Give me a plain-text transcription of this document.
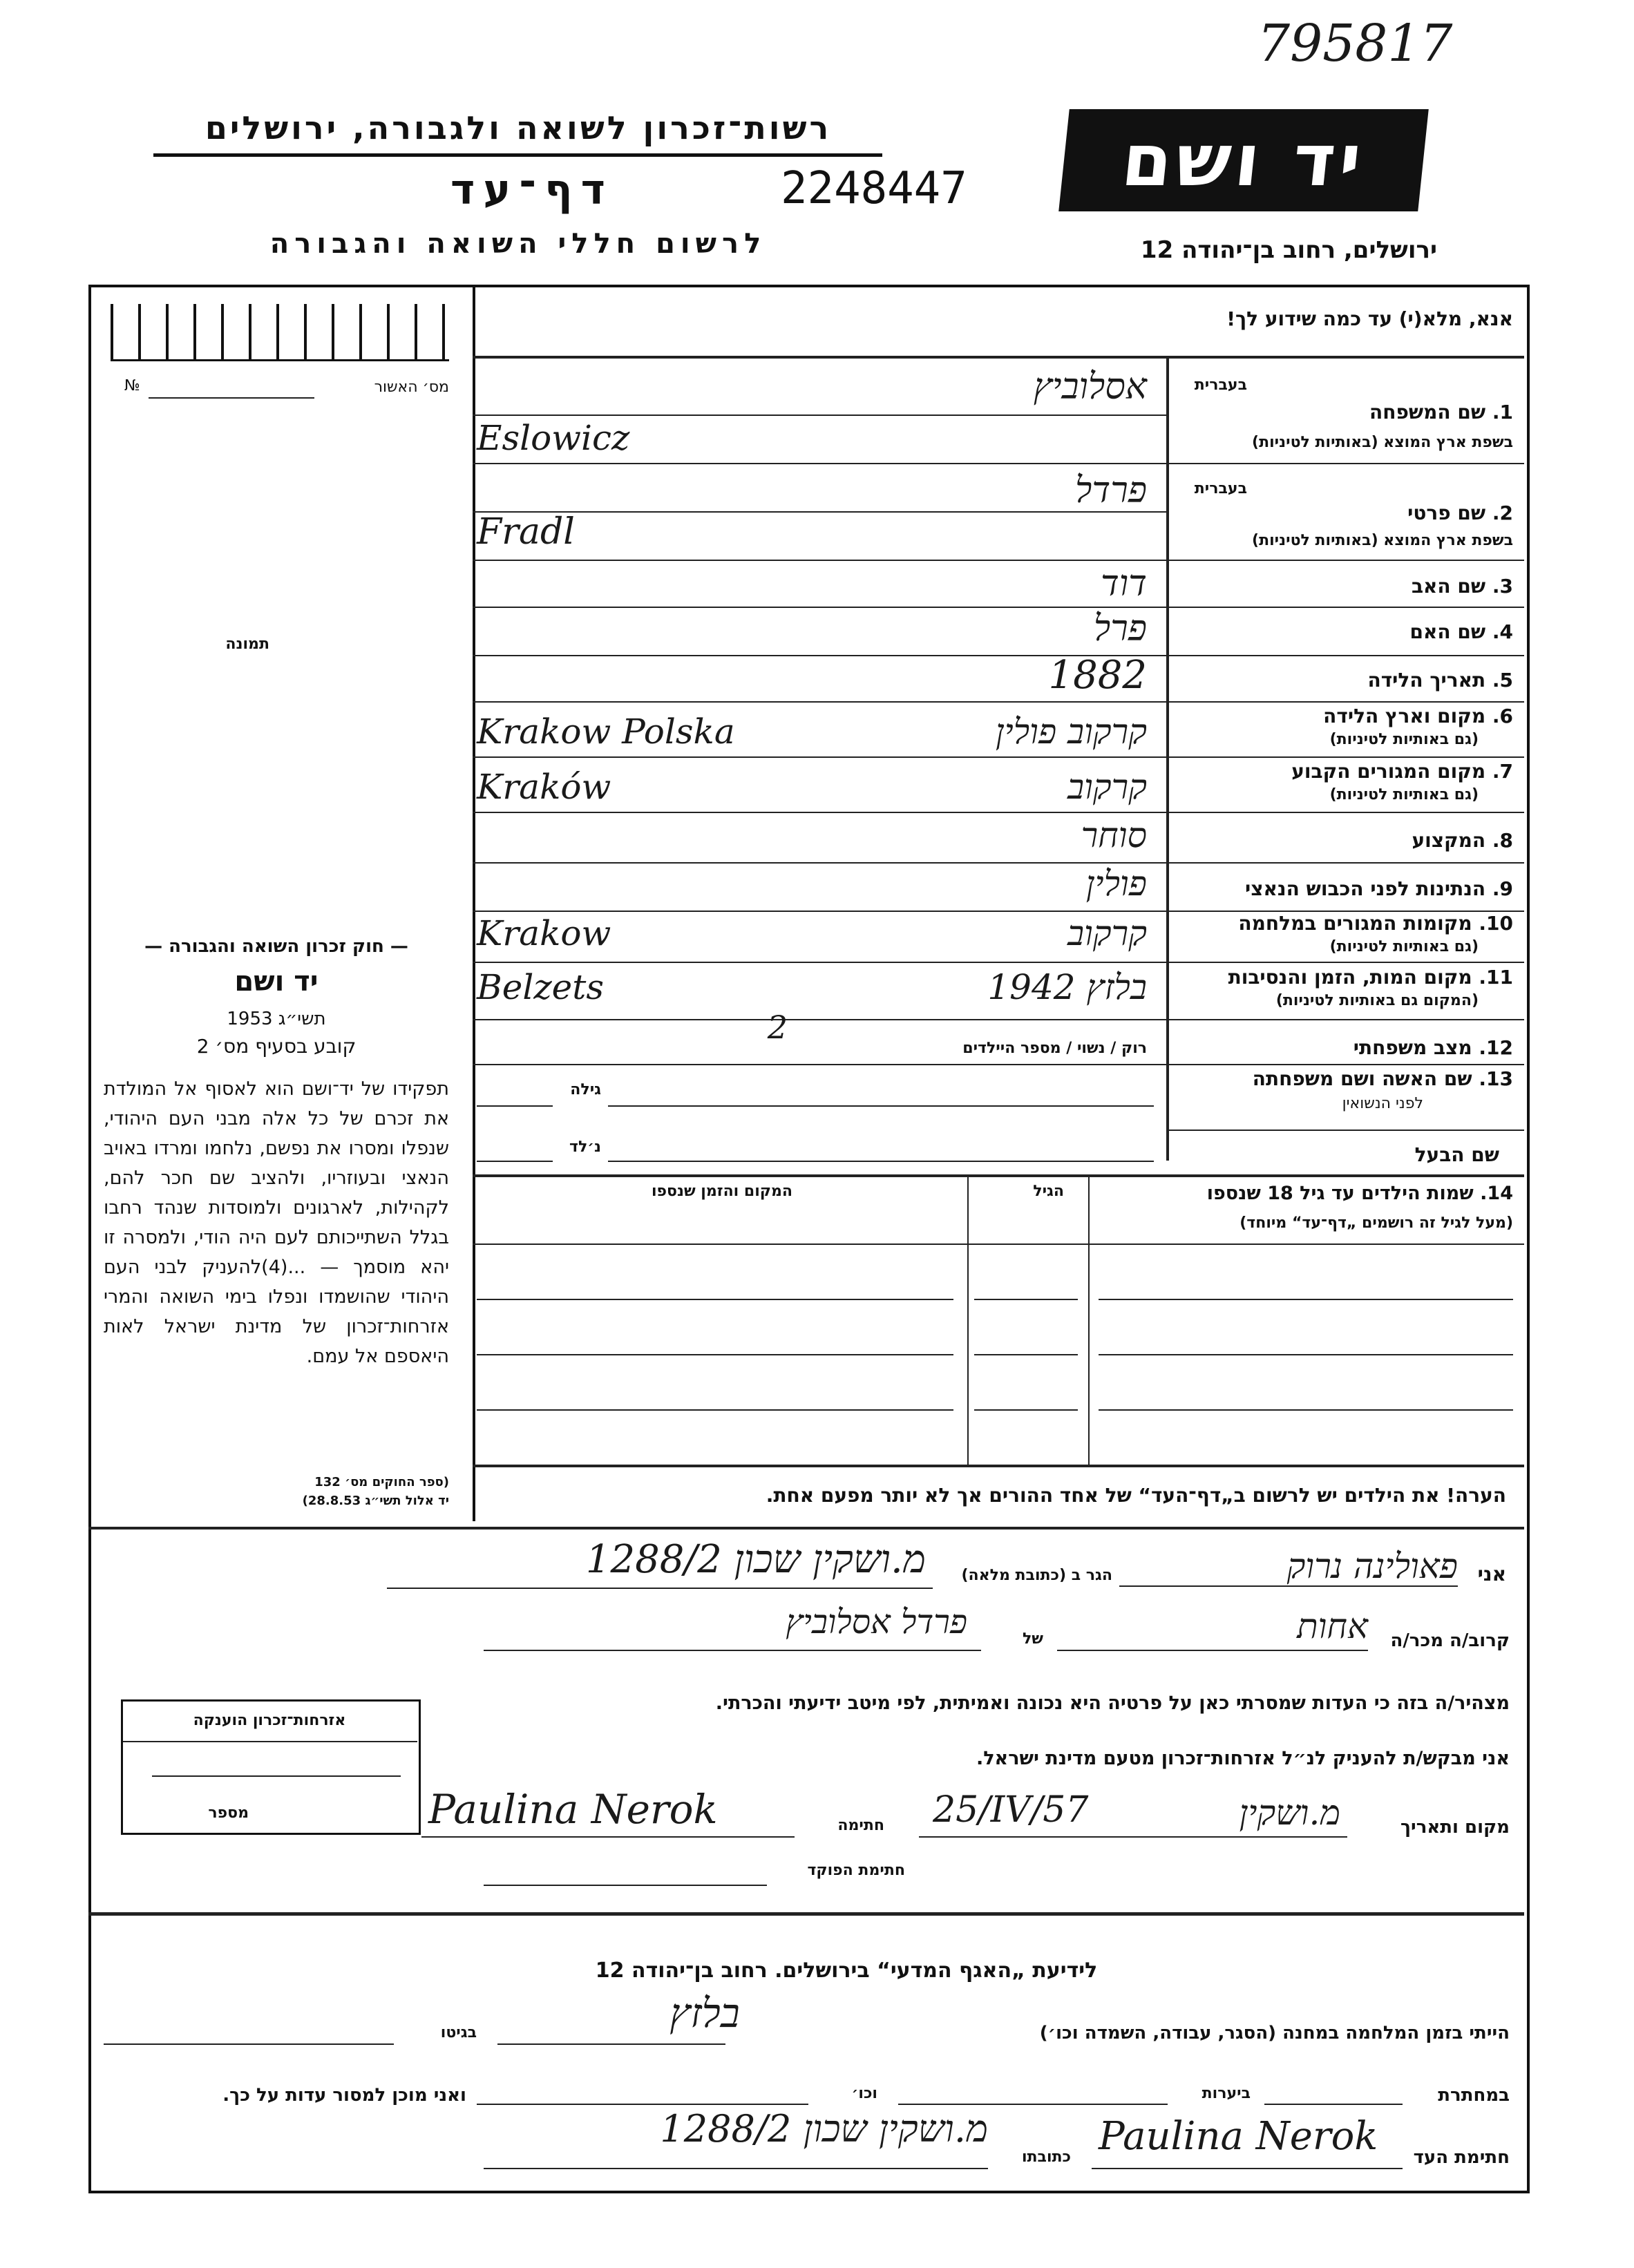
795817
רשות־זכרון לשואה ולגבורה, ירושלים
דף־עד	2248447
לרשום חללי השואה והגבורה
יד ושם
ירושלים, רחוב בן־יהודה 12
מס׳ האשור
№
תמונה
— חוק זכרון השואה והגבורה —
יד ושם
תשי״ג 1953
קובע בסעיף מס׳ 2
תפקידו של יד־ושם הוא לאסוף אל המולדת את זכרם של כל אלה מבני העם היהודי, שנפלו ומסרו את נפשם, נלחמו ומרדו באויב הנאצי ובעוזריו, ולהציב שם חכר להם, לקהילות, לארגונים ולמוסדות שנהד רחבו בגלל השתייכותם לעם היה הודי, ולמסרה זו יהא מוסמך — ...(4)להעניק לבני העם היהודי שהושמדו ונפלו בימי השואה והמרי אזרחות־זכרון של מדינת ישראל לאות היאספם אל עמם.
(ספר החוקים מס׳ 132
יד אלול תשי״ג 28.8.53)
אנא, מלא(י) עד כמה שידוע לך!
בעברית
1. שם המשפחה
בשפת ארץ המוצא (באותיות לטיניות)
אסלוביץ
Eslowicz
בעברית
2. שם פרטי
בשפת ארץ המוצא (באותיות לטיניות)
פרדל
Fradl
3. שם האב
דוד
4. שם האם
פרל
5. תאריך הלידה
1882
6. מקום וארץ הלידה
(גם באותיות לטיניות)
Krakow Polska	קרקוב פולין
7. מקום המגורים הקבוע
(גם באותיות לטיניות)
Kraków	קרקוב
8. המקצוע
סוחר
9. הנתינות לפני הכבוש הנאצי
פולין
10. מקומות המגורים במלחמה
(גם באותיות לטיניות)
Krakow	קרקוב
11. מקום המות, הזמן והנסיבות
(המקום גם באותיות לטיניות)
Belzets	בלזץ 1942
2
רוק / נשוי / מספר היילדים	12. מצב משפחתי
13. שם האשה ושם משפחתה
לפני הנשואין
גילה
נ׳לד	שם הבעל
14. שמות הילדים עד גיל 18 שנספו
(מעל לגיל זה רושמים „דף־עד“ מיוחד)
הגיל
המקום והזמן שנספו
הערה! את הילדים יש לרשום ב„דף־העד“ של אחד ההורים אך לא יותר מפעם אחת.
אני
פאולינה נרוק
הגר ב (כתובת מלאה)
מ.ושקין שכון 1288/2
קרוב/ה מכר/ה
אחות
של
פרדל אסלוביץ
מצהיר/ה בזה כי העדות שמסרתי כאן על פרטיה היא נכונה ואמיתית, לפי מיטב ידיעתי והכרתי.
אני מבקש/ת להעניק לנ״ל אזרחות־זכרון מטעם מדינת ישראל.
אזרחות־זכרון הוענקה
מספר
מקום ותאריך
מ.ושקין
25/IV/57
חתימה
Paulina Nerok
חתימת הפוקד
לידיעת „האגף המדעי“ בירושלים. רחוב בן־יהודה 12
הייתי בזמן המלחמה במחנה (הסגר, עבודה, השמדה וכו׳)
בלזץ
בגיטו
במחתרת
ביערות
וכו׳
ואני מוכן למסור עדות על כך.
חתימת העד
Paulina Nerok
כתובתו
מ.ושקין שכון 1288/2
